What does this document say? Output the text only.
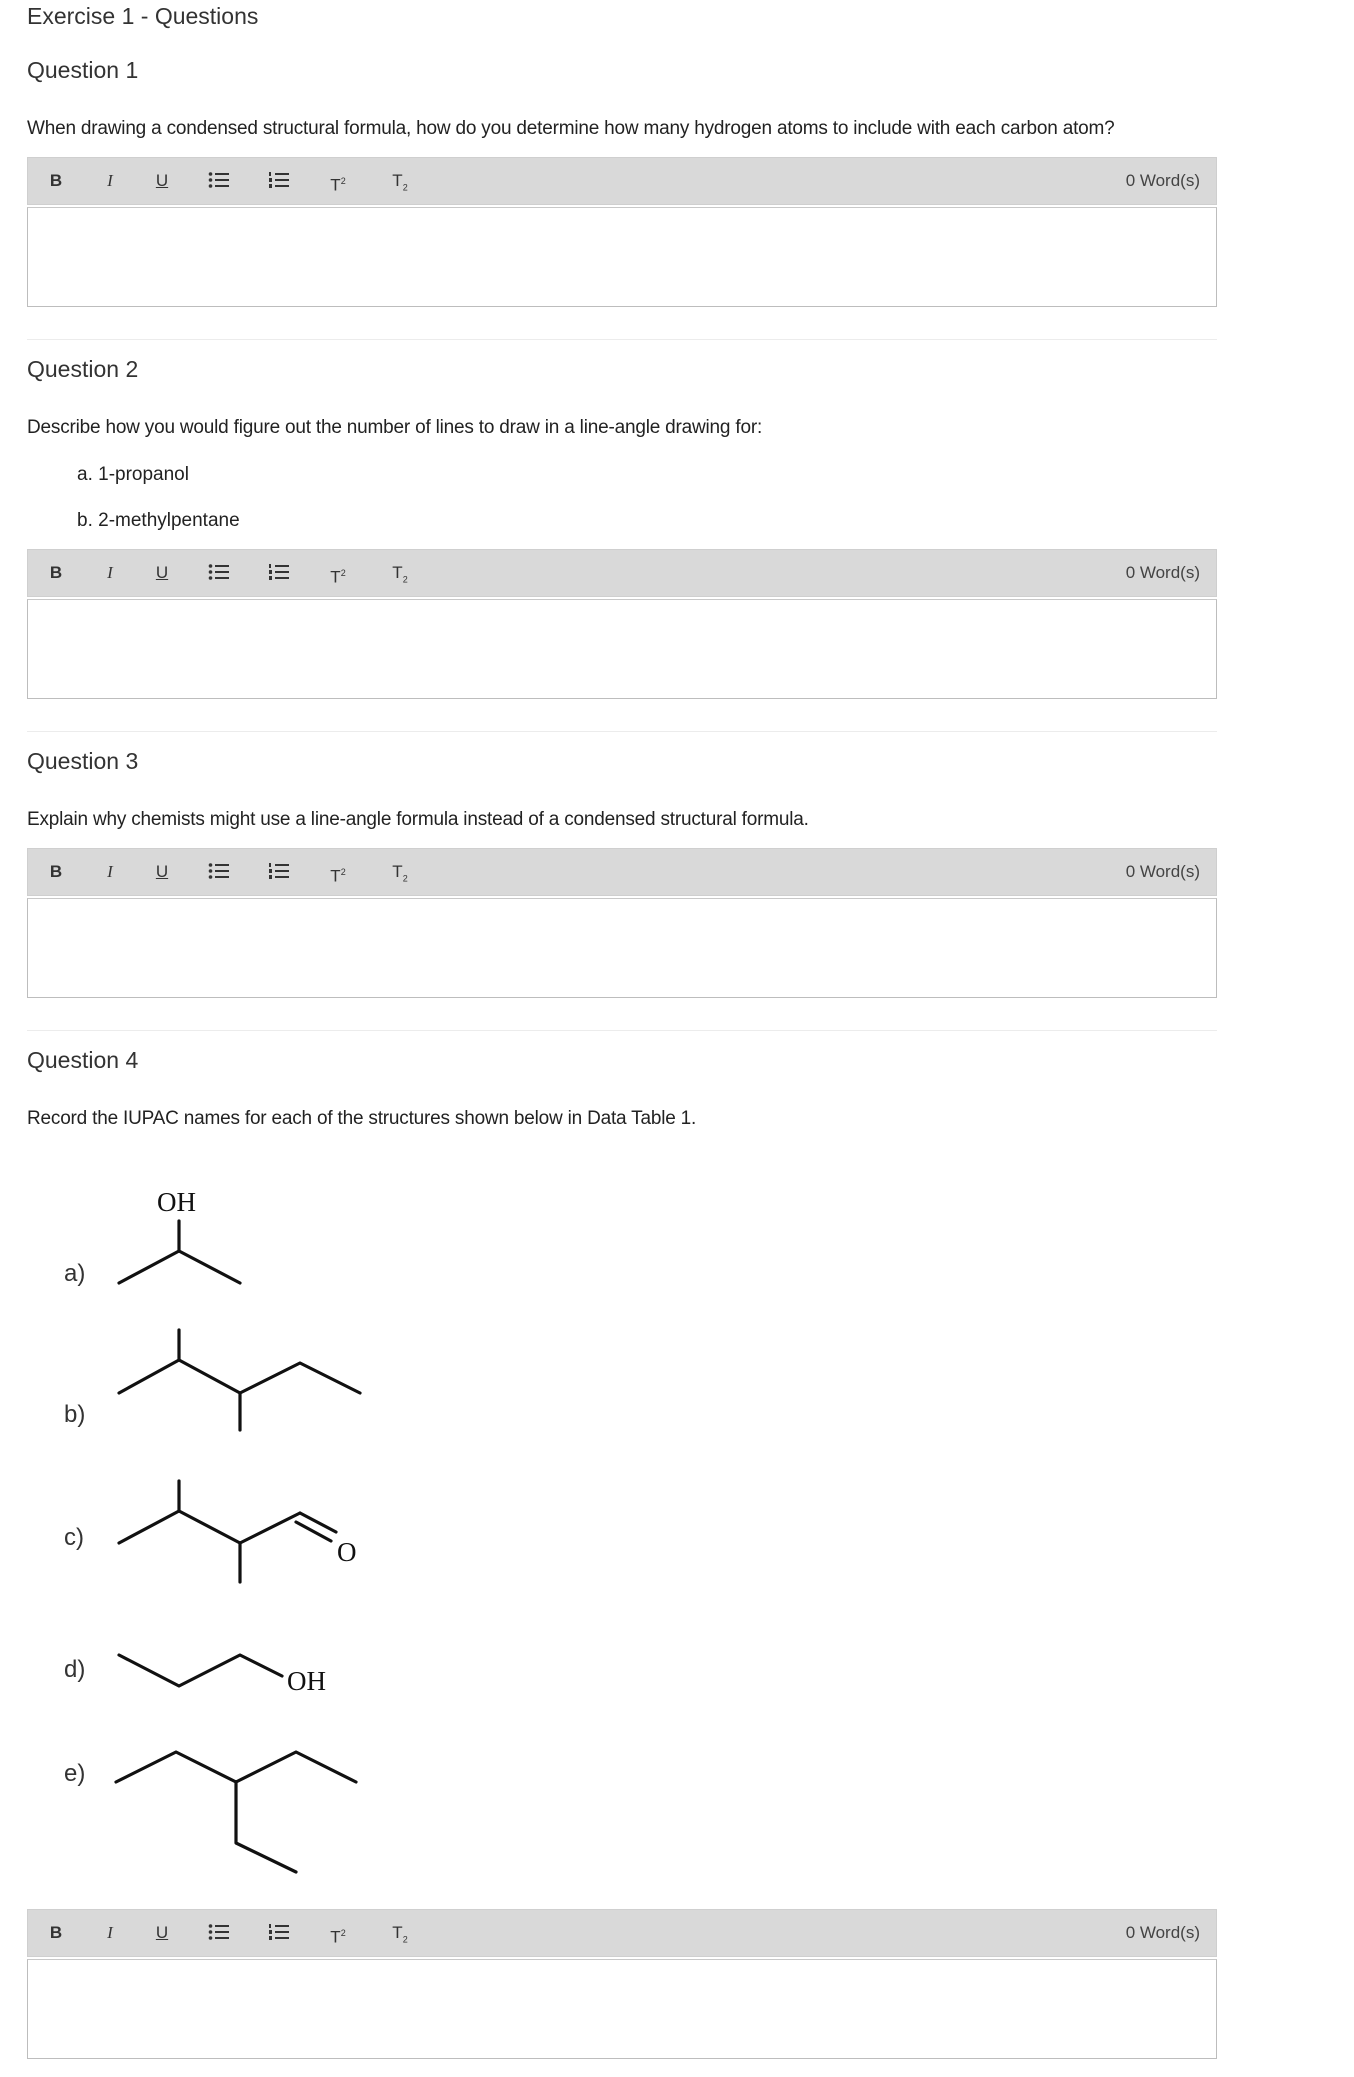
Exercise 1 - Questions
Question 1
When drawing a condensed structural formula, how do you determine how many hydrogen atoms to include with each carbon atom?
B	I	U	$T^2$	$T_2$	0 Word(s)
Question 2
Describe how you would figure out the number of lines to draw in a line-angle drawing for:
a. 1-propanol
b. 2-methylpentane
B	I	U	$T^2$	$T_2$	0 Word(s)
Question 3
Explain why chemists might use a line-angle formula instead of a condensed structural formula.
B	I	U	$T^2$	$T_2$	0 Word(s)
Question 4
Record the IUPAC names for each of the structures shown below in Data Table 1.
a)
b)
c)
d)
e)
OH
O
OH
B	I	U	$T^2$	$T_2$	0 Word(s)
